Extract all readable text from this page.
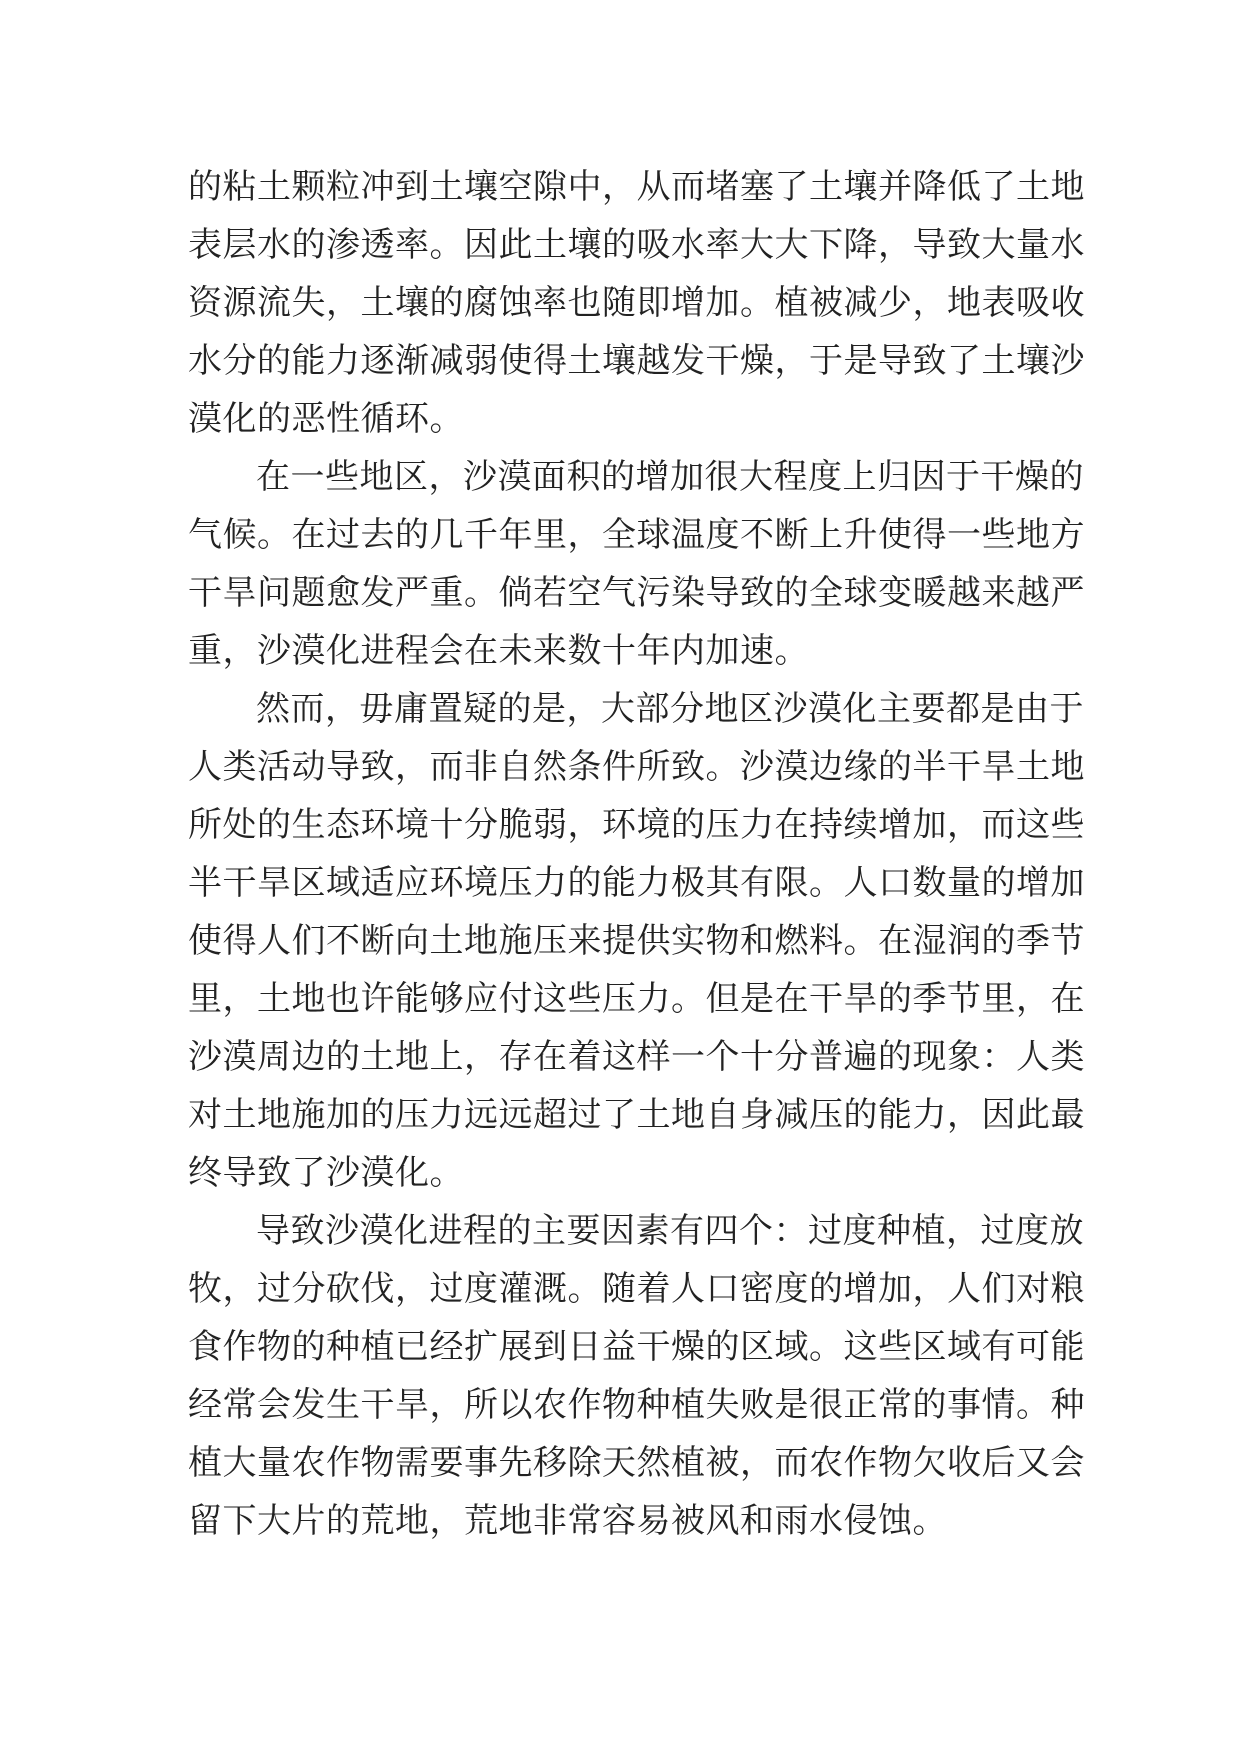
的粘土颗粒冲到土壤空隙中，从而堵塞了土壤并降低了土地
表层水的渗透率。因此土壤的吸水率大大下降，导致大量水
资源流失，土壤的腐蚀率也随即增加。植被减少，地表吸收
水分的能力逐渐减弱使得土壤越发干燥，于是导致了土壤沙
漠化的恶性循环。
在一些地区，沙漠面积的增加很大程度上归因于干燥的
气候。在过去的几千年里，全球温度不断上升使得一些地方
干旱问题愈发严重。倘若空气污染导致的全球变暖越来越严
重，沙漠化进程会在未来数十年内加速。
然而，毋庸置疑的是，大部分地区沙漠化主要都是由于
人类活动导致，而非自然条件所致。沙漠边缘的半干旱土地
所处的生态环境十分脆弱，环境的压力在持续增加，而这些
半干旱区域适应环境压力的能力极其有限。人口数量的增加
使得人们不断向土地施压来提供实物和燃料。在湿润的季节
里，土地也许能够应付这些压力。但是在干旱的季节里，在
沙漠周边的土地上，存在着这样一个十分普遍的现象：人类
对土地施加的压力远远超过了土地自身减压的能力，因此最
终导致了沙漠化。
导致沙漠化进程的主要因素有四个：过度种植，过度放
牧，过分砍伐，过度灌溉。随着人口密度的增加，人们对粮
食作物的种植已经扩展到日益干燥的区域。这些区域有可能
经常会发生干旱，所以农作物种植失败是很正常的事情。种
植大量农作物需要事先移除天然植被，而农作物欠收后又会
留下大片的荒地，荒地非常容易被风和雨水侵蚀。
